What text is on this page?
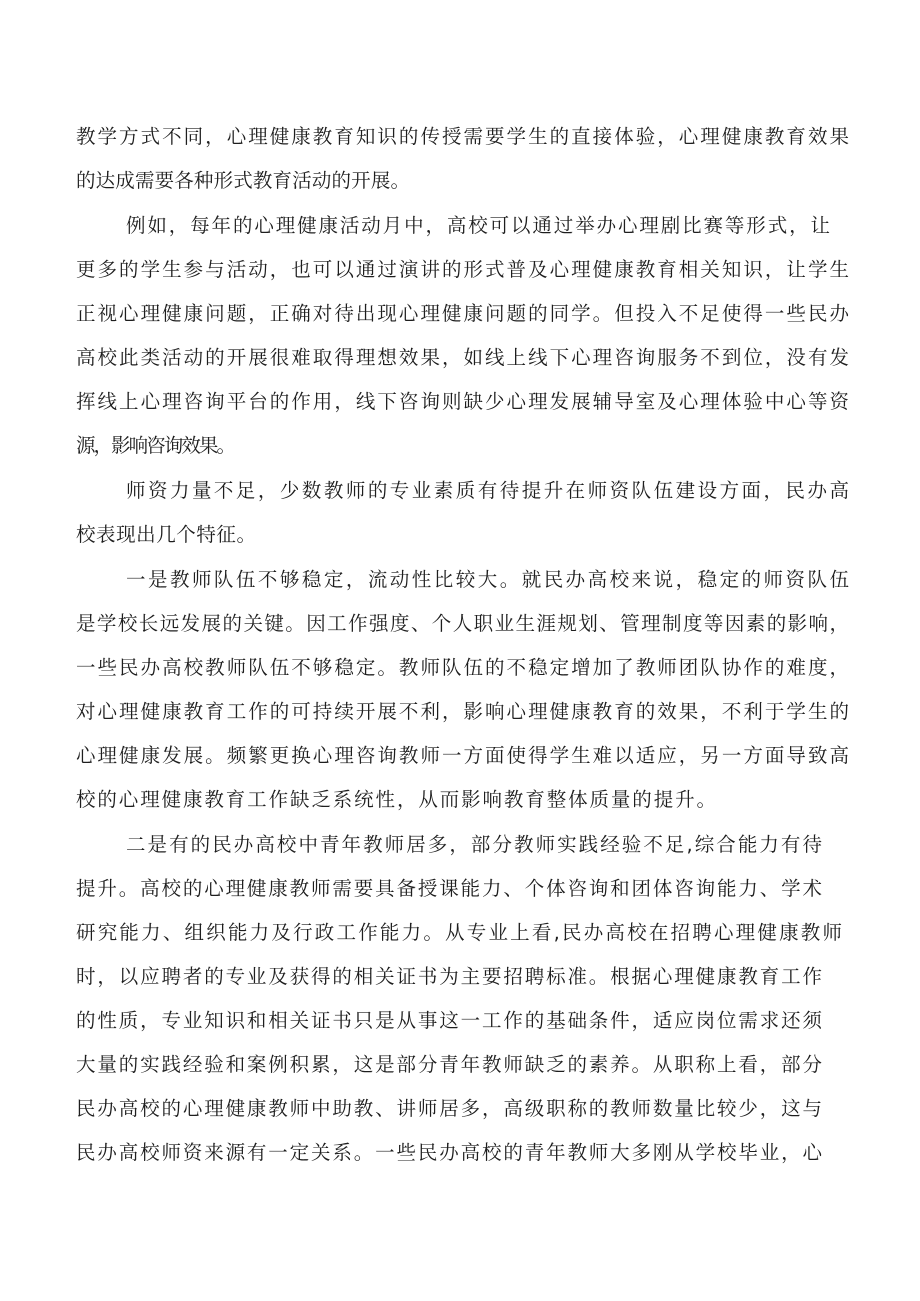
教学方式不同，心理健康教育知识的传授需要学生的直接体验，心理健康教育效果
的达成需要各种形式教育活动的开展。
例如，每年的心理健康活动月中，高校可以通过举办心理剧比赛等形式，让
更多的学生参与活动，也可以通过演讲的形式普及心理健康教育相关知识，让学生
正视心理健康问题，正确对待出现心理健康问题的同学。但投入不足使得一些民办
高校此类活动的开展很难取得理想效果，如线上线下心理咨询服务不到位，没有发
挥线上心理咨询平台的作用，线下咨询则缺少心理发展辅导室及心理体验中心等资
源，影响咨询效果。
师资力量不足，少数教师的专业素质有待提升在师资队伍建设方面，民办高
校表现出几个特征。
一是教师队伍不够稳定，流动性比较大。就民办高校来说，稳定的师资队伍
是学校长远发展的关键。因工作强度、个人职业生涯规划、管理制度等因素的影响，
一些民办高校教师队伍不够稳定。教师队伍的不稳定增加了教师团队协作的难度，
对心理健康教育工作的可持续开展不利，影响心理健康教育的效果，不利于学生的
心理健康发展。频繁更换心理咨询教师一方面使得学生难以适应，另一方面导致高
校的心理健康教育工作缺乏系统性，从而影响教育整体质量的提升。
二是有的民办高校中青年教师居多，部分教师实践经验不足,综合能力有待
提升。高校的心理健康教师需要具备授课能力、个体咨询和团体咨询能力、学术
研究能力、组织能力及行政工作能力。从专业上看,民办高校在招聘心理健康教师
时，以应聘者的专业及获得的相关证书为主要招聘标准。根据心理健康教育工作
的性质，专业知识和相关证书只是从事这一工作的基础条件，适应岗位需求还须
大量的实践经验和案例积累，这是部分青年教师缺乏的素养。从职称上看，部分
民办高校的心理健康教师中助教、讲师居多，高级职称的教师数量比较少，这与
民办高校师资来源有一定关系。一些民办高校的青年教师大多刚从学校毕业，心
